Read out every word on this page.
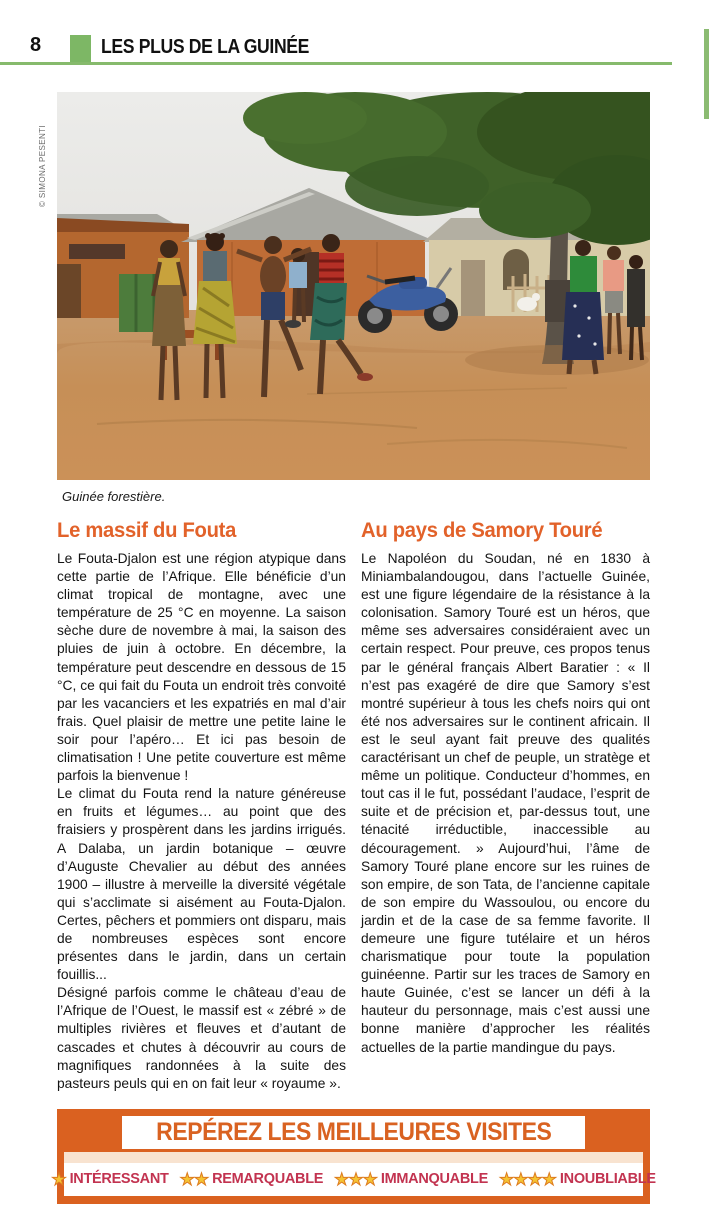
8	LES PLUS DE LA GUINÉE
© SIMONA PESENTI
Guinée forestière.
Le massif du Fouta

Le Fouta-Djalon est une région atypique dans cette partie de l’Afrique. Elle bénéficie d’un climat tropical de montagne, avec une température de 25 °C en moyenne. La saison sèche dure de novembre à mai, la saison des pluies de juin à octobre. En décembre, la température peut descendre en dessous de 15 °C, ce qui fait du Fouta un endroit très convoité par les vacanciers et les expatriés en mal d’air frais. Quel plaisir de mettre une petite laine le soir pour l’apéro… Et ici pas besoin de climatisation ! Une petite couverture est même parfois la bienvenue !

Le climat du Fouta rend la nature généreuse en fruits et légumes… au point que des fraisiers y prospèrent dans les jardins irrigués. A Dalaba, un jardin botanique – œuvre d’Auguste Chevalier au début des années 1900 – illustre à merveille la diversité végétale qui s’acclimate si aisément au Fouta-Djalon. Certes, pêchers et pommiers ont disparu, mais de nombreuses espèces sont encore présentes dans le jardin, dans un certain fouillis...

Désigné parfois comme le château d’eau de l’Afrique de l’Ouest, le massif est « zébré » de multiples rivières et fleuves et d’autant de cascades et chutes à découvrir au cours de magnifiques randonnées à la suite des pasteurs peuls qui en on fait leur « royaume ».

Au pays de Samory Touré

Le Napoléon du Soudan, né en 1830 à Miniambalandougou, dans l’actuelle Guinée, est une figure légendaire de la résistance à la colonisation. Samory Touré est un héros, que même ses adversaires considéraient avec un certain respect. Pour preuve, ces propos tenus par le général français Albert Baratier : « Il n’est pas exagéré de dire que Samory s’est montré supérieur à tous les chefs noirs qui ont été nos adversaires sur le continent africain. Il est le seul ayant fait preuve des qualités caractérisant un chef de peuple, un stratège et même un politique. Conducteur d’hommes, en tout cas il le fut, possédant l’audace, l’esprit de suite et de précision et, par-dessus tout, une ténacité irréductible, inaccessible au découragement. » Aujourd’hui, l’âme de Samory Touré plane encore sur les ruines de son empire, de son Tata, de l’ancienne capitale de son empire du Wassoulou, ou encore du jardin et de la case de sa femme favorite. Il demeure une figure tutélaire et un héros charismatique pour toute la population guinéenne. Partir sur les traces de Samory en haute Guinée, c’est se lancer un défi à la hauteur du personnage, mais c’est aussi une bonne manière d’approcher les réalités actuelles de la partie mandingue du pays.

REPÉREZ LES MEILLEURES VISITES
★ INTÉRESSANT ★★ REMARQUABLE ★★★ IMMANQUABLE ★★★★ INOUBLIABLE
